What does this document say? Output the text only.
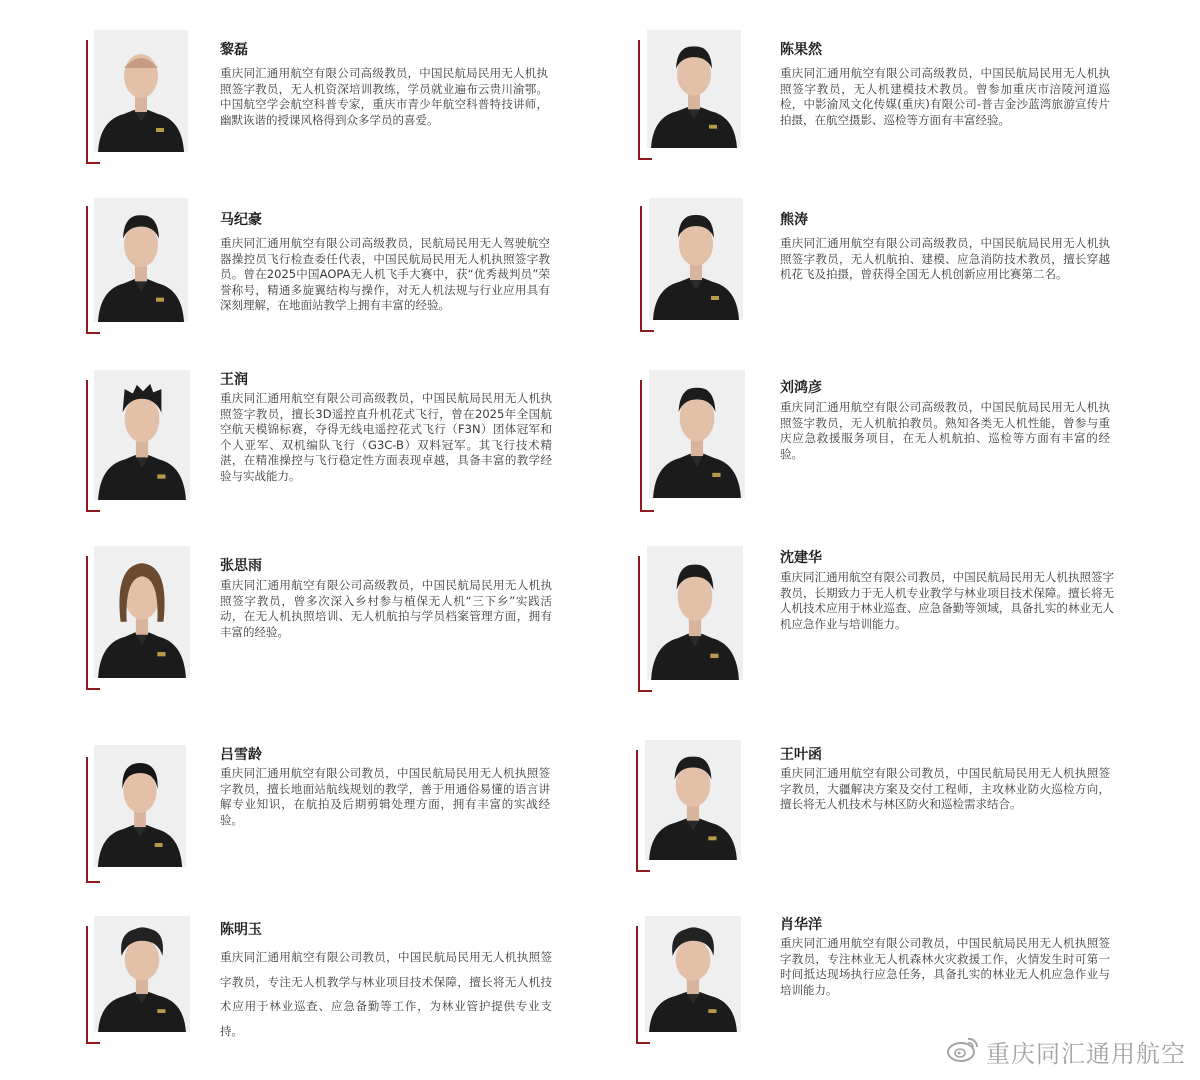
重庆同汇通用航空
黎磊

重庆同汇通用航空有限公司高级教员，中国民航局民用无人机执照签字教员，无人机资深培训教练，学员就业遍布云贵川渝鄂。中国航空学会航空科普专家，重庆市青少年航空科普特技讲师，幽默诙谐的授课风格得到众多学员的喜爱。

陈果然

重庆同汇通用航空有限公司高级教员，中国民航局民用无人机执照签字教员，无人机建模技术教员。曾参加重庆市涪陵河道巡检，中影渝凤文化传媒(重庆)有限公司-普吉金沙蓝湾旅游宣传片拍摄，在航空摄影、巡检等方面有丰富经验。

马纪豪

重庆同汇通用航空有限公司高级教员，民航局民用无人驾驶航空器操控员飞行检查委任代表，中国民航局民用无人机执照签字教员。曾在2025中国AOPA无人机飞手大赛中，获“优秀裁判员”荣誉称号，精通多旋翼结构与操作，对无人机法规与行业应用具有深刻理解，在地面站教学上拥有丰富的经验。

熊涛

重庆同汇通用航空有限公司高级教员，中国民航局民用无人机执照签字教员，无人机航拍、建模、应急消防技术教员，擅长穿越机花飞及拍摄，曾获得全国无人机创新应用比赛第二名。

王润

重庆同汇通用航空有限公司高级教员，中国民航局民用无人机执照签字教员，擅长3D遥控直升机花式飞行，曾在2025年全国航空航天模锦标赛，夺得无线电遥控花式飞行（F3N）团体冠军和个人亚军、双机编队飞行（G3C-B）双料冠军。其飞行技术精湛，在精准操控与飞行稳定性方面表现卓越，具备丰富的教学经验与实战能力。

刘鸿彦

重庆同汇通用航空有限公司高级教员，中国民航局民用无人机执照签字教员，无人机航拍教员。熟知各类无人机性能，曾参与重庆应急救援服务项目，在无人机航拍、巡检等方面有丰富的经验。

张思雨

重庆同汇通用航空有限公司高级教员，中国民航局民用无人机执照签字教员，曾多次深入乡村参与植保无人机“三下乡”实践活动，在无人机执照培训、无人机航拍与学员档案管理方面，拥有丰富的经验。

沈建华

重庆同汇通用航空有限公司教员，中国民航局民用无人机执照签字教员，长期致力于无人机专业教学与林业项目技术保障。擅长将无人机技术应用于林业巡查、应急备勤等领域，具备扎实的林业无人机应急作业与培训能力。

吕雪龄

重庆同汇通用航空有限公司教员，中国民航局民用无人机执照签字教员，擅长地面站航线规划的教学，善于用通俗易懂的语言讲解专业知识，在航拍及后期剪辑处理方面，拥有丰富的实战经验。

王叶函

重庆同汇通用航空有限公司教员，中国民航局民用无人机执照签字教员，大疆解决方案及交付工程师，主攻林业防火巡检方向，擅长将无人机技术与林区防火和巡检需求结合。

陈明玉

重庆同汇通用航空有限公司教员，中国民航局民用无人机执照签字教员，专注无人机教学与林业项目技术保障，擅长将无人机技术应用于林业巡查、应急备勤等工作，为林业管护提供专业支持。

肖华洋

重庆同汇通用航空有限公司教员，中国民航局民用无人机执照签字教员，专注林业无人机森林火灾救援工作，火情发生时可第一时间抵达现场执行应急任务，具备扎实的林业无人机应急作业与培训能力。
